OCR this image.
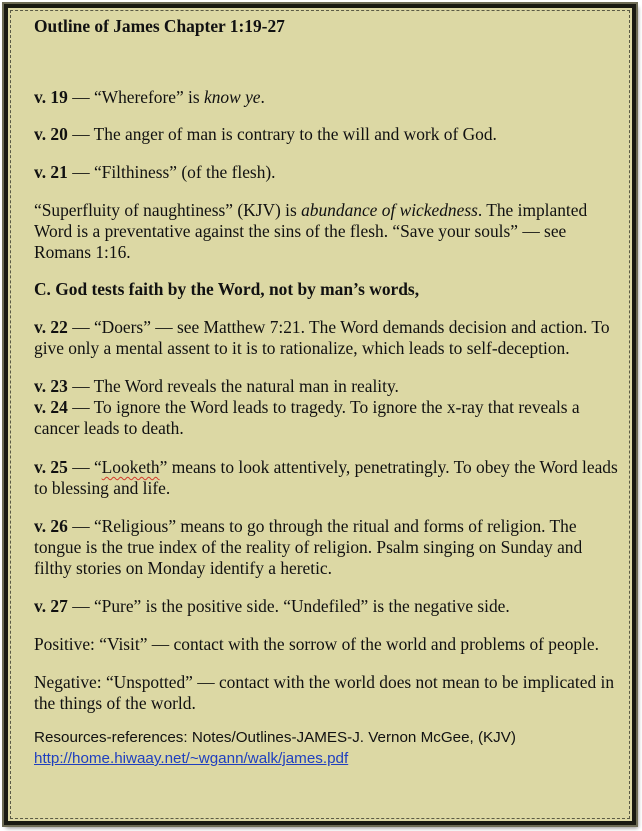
Outline of James Chapter 1:19-27

v. 19 — “Wherefore” is know ye.

v. 20 — The anger of man is contrary to the will and work of God.

v. 21 — “Filthiness” (of the flesh).

“Superfluity of naughtiness” (KJV) is abundance of wickedness. The implanted Word is a preventative against the sins of the flesh. “Save your souls” — see Romans 1:16.

C. God tests faith by the Word, not by man’s words,

v. 22 — “Doers” — see Matthew 7:21. The Word demands decision and action. To give only a mental assent to it is to rationalize, which leads to self-deception.

v. 23 — The Word reveals the natural man in reality.

v. 24 — To ignore the Word leads to tragedy. To ignore the x-ray that reveals a cancer leads to death.

v. 25 — “Looketh” means to look attentively, penetratingly. To obey the Word leads to blessing and life.

v. 26 — “Religious” means to go through the ritual and forms of religion. The tongue is the true index of the reality of religion. Psalm singing on Sunday and filthy stories on Monday identify a heretic.

v. 27 — “Pure” is the positive side. “Undefiled” is the negative side.

Positive: “Visit” — contact with the sorrow of the world and problems of people.

Negative: “Unspotted” — contact with the world does not mean to be implicated in the things of the world.

Resources-references: Notes/Outlines-JAMES-J. Vernon McGee, (KJV)

http://home.hiwaay.net/~wgann/walk/james.pdf
